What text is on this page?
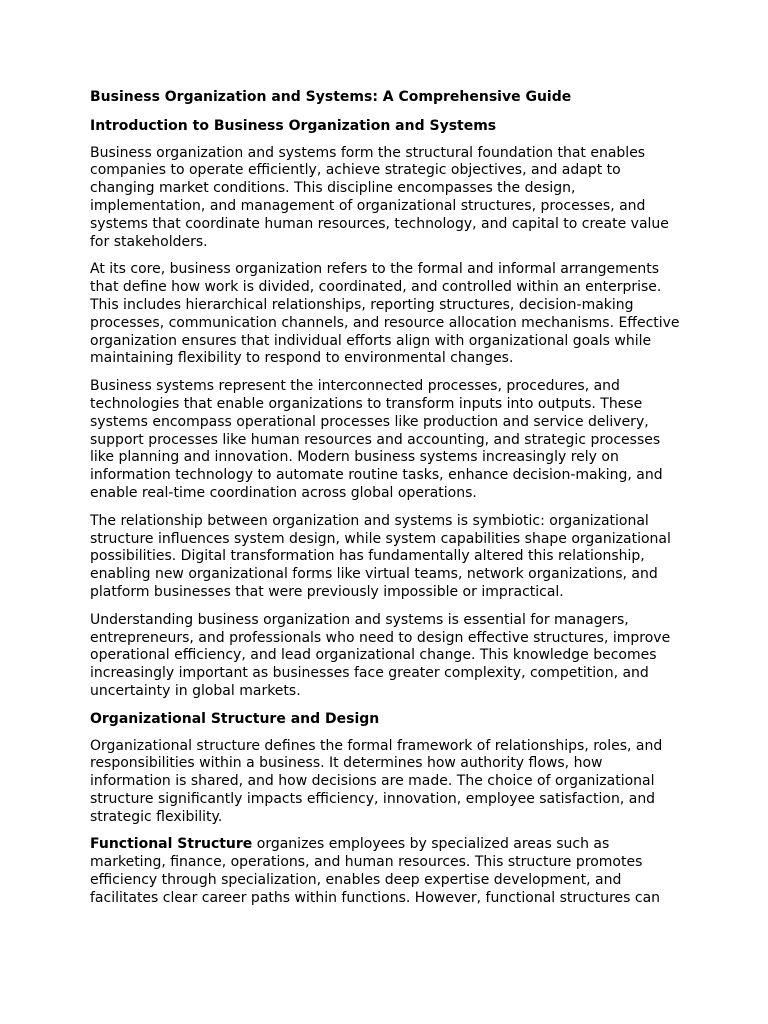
Business Organization and Systems: A Comprehensive Guide
Introduction to Business Organization and Systems

Business organization and systems form the structural foundation that enables companies to operate efficiently, achieve strategic objectives, and adapt to changing market conditions. This discipline encompasses the design, implementation, and management of organizational structures, processes, and systems that coordinate human resources, technology, and capital to create value for stakeholders.

At its core, business organization refers to the formal and informal arrangements that define how work is divided, coordinated, and controlled within an enterprise. This includes hierarchical relationships, reporting structures, decision-making processes, communication channels, and resource allocation mechanisms. Effective organization ensures that individual efforts align with organizational goals while maintaining flexibility to respond to environmental changes.

Business systems represent the interconnected processes, procedures, and technologies that enable organizations to transform inputs into outputs. These systems encompass operational processes like production and service delivery, support processes like human resources and accounting, and strategic processes like planning and innovation. Modern business systems increasingly rely on information technology to automate routine tasks, enhance decision-making, and enable real-time coordination across global operations.

The relationship between organization and systems is symbiotic: organizational structure influences system design, while system capabilities shape organizational possibilities. Digital transformation has fundamentally altered this relationship, enabling new organizational forms like virtual teams, network organizations, and platform businesses that were previously impossible or impractical.

Understanding business organization and systems is essential for managers, entrepreneurs, and professionals who need to design effective structures, improve operational efficiency, and lead organizational change. This knowledge becomes increasingly important as businesses face greater complexity, competition, and uncertainty in global markets.

Organizational Structure and Design

Organizational structure defines the formal framework of relationships, roles, and responsibilities within a business. It determines how authority flows, how information is shared, and how decisions are made. The choice of organizational structure significantly impacts efficiency, innovation, employee satisfaction, and strategic flexibility.

Functional Structure organizes employees by specialized areas such as marketing, finance, operations, and human resources. This structure promotes efficiency through specialization, enables deep expertise development, and facilitates clear career paths within functions. However, functional structures can
